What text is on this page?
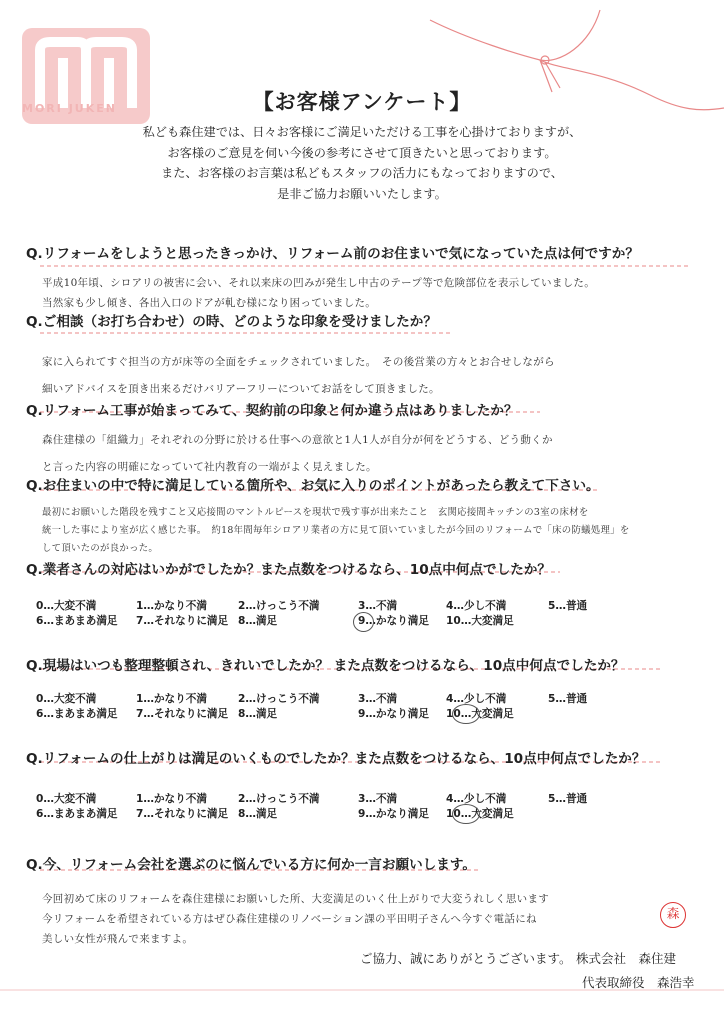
MORI JUKEN	【お客様アンケート】
私ども森住建では、日々お客様にご満足いただける工事を心掛けておりますが、
お客様のご意見を伺い今後の参考にさせて頂きたいと思っております。
また、お客様のお言葉は私どもスタッフの活力にもなっておりますので、
是非ご協力お願いいたします。
Q.リフォームをしようと思ったきっかけ、リフォーム前のお住まいで気になっていた点は何ですか？
平成10年頃、シロアリの被害に会い、それ以来床の凹みが発生し中古のテープ等で危険部位を表示していました。
当然家も少し傾き、各出入口のドアが軋む様になり困っていました。
Q.ご相談（お打ち合わせ）の時、どのような印象を受けましたか？
家に入られてすぐ担当の方が床等の全面をチェックされていました。　その後営業の方々とお合せしながら
細いアドバイスを頂き出来るだけバリアーフリーについてお話をして頂きました。
Q.リフォーム工事が始まってみて、契約前の印象と何か違う点はありましたか？
森住建様の「組織力」それぞれの分野に於ける仕事への意欲と1人1人が自分が何をどうする、どう動くか
と言った内容の明確になっていて社内教育の一端がよく見えました。
Q.お住まいの中で特に満足している箇所や、お気に入りのポイントがあったら教えて下さい。
最初にお願いした階段を残すこと又応接間のマントルピースを現状で残す事が出来たこと　玄関応接間キッチンの3室の床材を
統一した事により室が広く感じた事。　約18年間毎年シロアリ業者の方に見て頂いていましたが今回のリフォームで「床の防蟻処理」を
して頂いたのが良かった。
Q.業者さんの対応はいかがでしたか？また点数をつけるなら、10点中何点でしたか？
0…大変不満	1…かなり不満	2…けっこう不満	3…不満	4…少し不満	5…普通
6…まあまあ満足	7…それなりに満足 8…満足	9…かなり満足	10…大変満足
Q.現場はいつも整理整頓され、きれいでしたか？ また点数をつけるなら、10点中何点でしたか？
0…大変不満	1…かなり不満	2…けっこう不満	3…不満	4…少し不満	5…普通
6…まあまあ満足	7…それなりに満足 8…満足	9…かなり満足	10…大変満足
Q.リフォームの仕上がりは満足のいくものでしたか？また点数をつけるなら、10点中何点でしたか？
0…大変不満	1…かなり不満	2…けっこう不満	3…不満	4…少し不満	5…普通
6…まあまあ満足	7…それなりに満足 8…満足	9…かなり満足	10…大変満足
Q.今、リフォーム会社を選ぶのに悩んでいる方に何か一言お願いします。
今回初めて床のリフォームを森住建様にお願いした所、大変満足のいく仕上がりで大変うれしく思います
今リフォームを希望されている方はぜひ森住建様のリノベーション課の平田明子さんへ今すぐ電話にね
美しい女性が飛んで来ますよ。
森
ご協力、誠にありがとうございます。 株式会社　森住建
代表取締役　森浩幸
